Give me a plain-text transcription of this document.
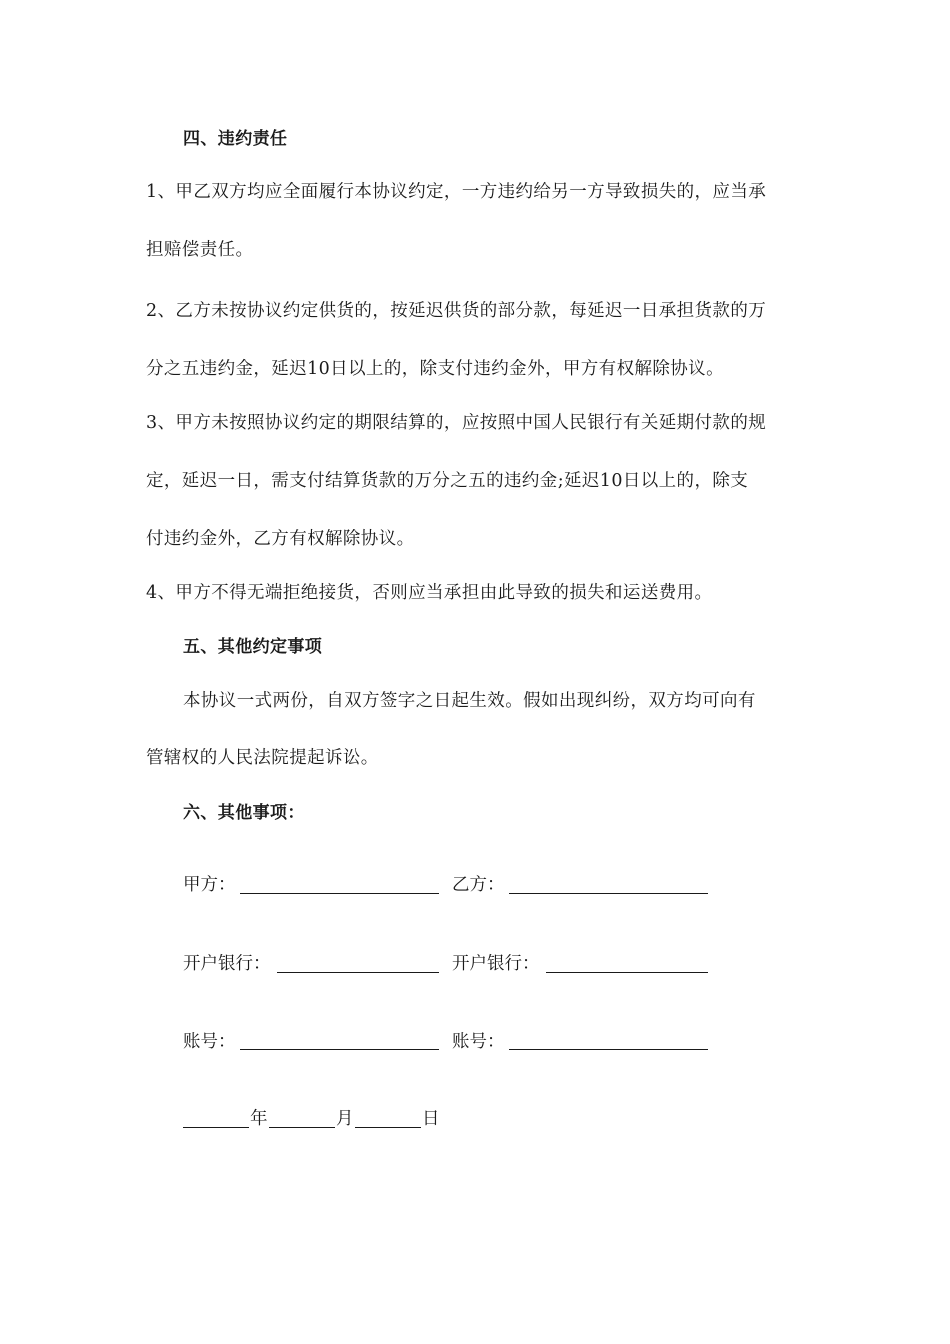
四、违约责任
1、甲乙双方均应全面履行本协议约定，一方违约给另一方导致损失的，应当承
担赔偿责任。
2、乙方未按协议约定供货的，按延迟供货的部分款，每延迟一日承担货款的万
分之五违约金，延迟10日以上的，除支付违约金外，甲方有权解除协议。
3、甲方未按照协议约定的期限结算的，应按照中国人民银行有关延期付款的规
定，延迟一日，需支付结算货款的万分之五的违约金;延迟10日以上的，除支
付违约金外，乙方有权解除协议。
4、甲方不得无端拒绝接货，否则应当承担由此导致的损失和运送费用。
五、其他约定事项
本协议一式两份，自双方签字之日起生效。假如出现纠纷，双方均可向有
管辖权的人民法院提起诉讼。
六、其他事项：
甲方：	乙方：
开户银行：	开户银行：
账号：	账号：
年	月	日
